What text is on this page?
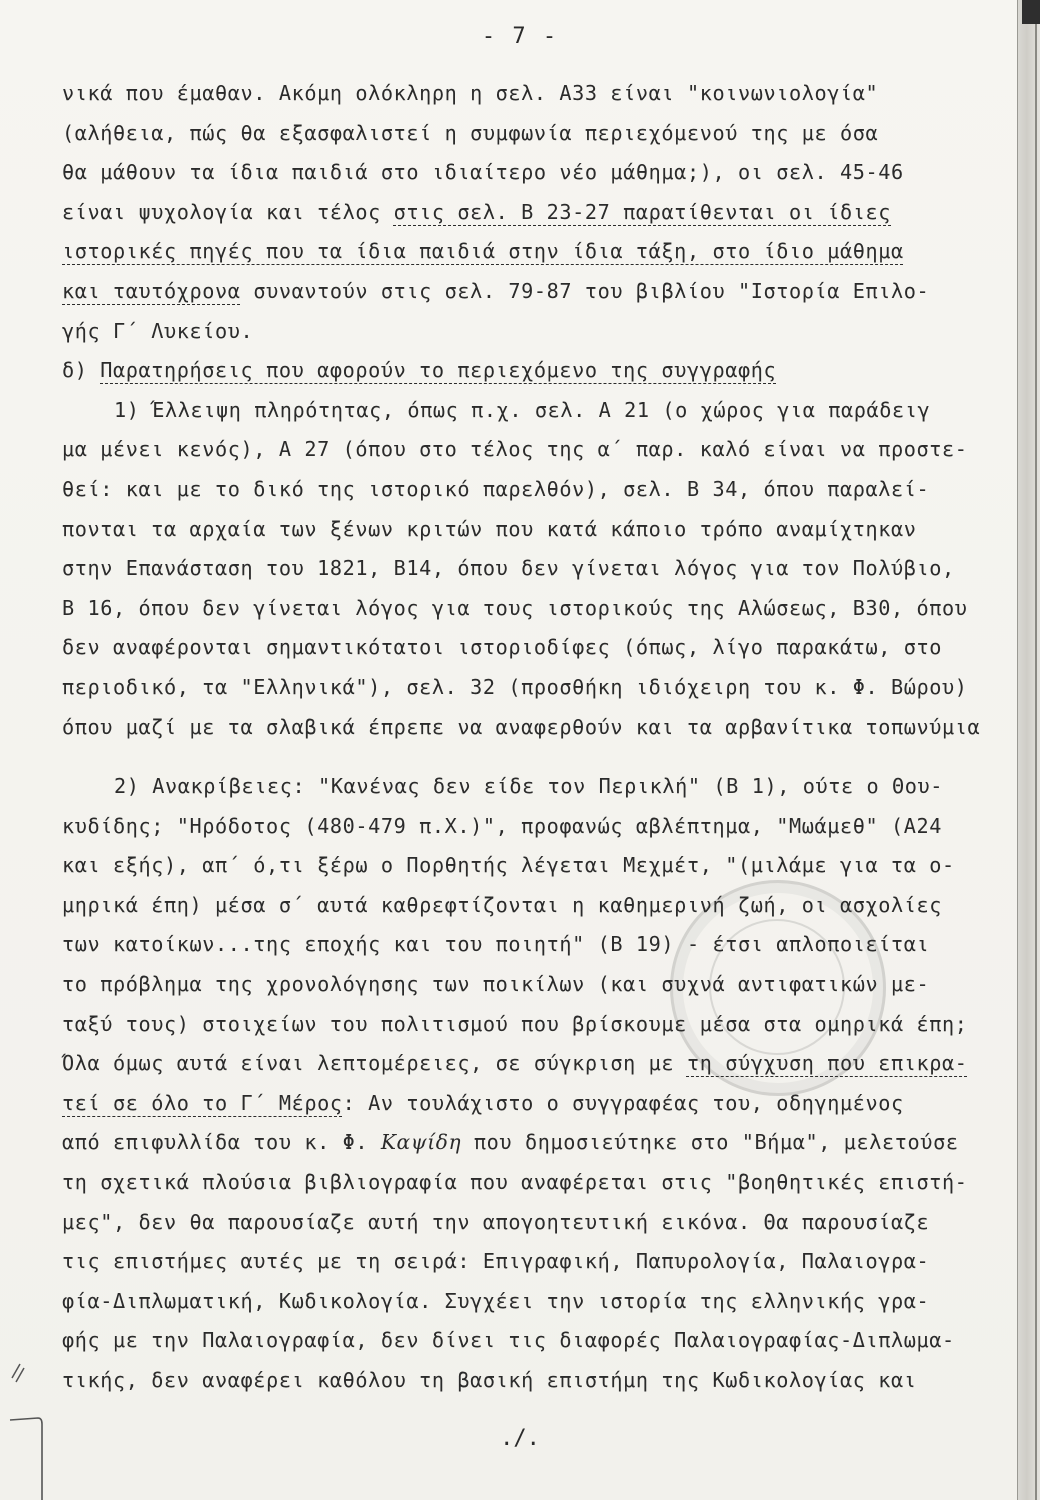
- 7 -
νικά που έμαθαν. Ακόμη ολόκληρη η σελ. Α33 είναι "κοινωνιολογία"
(αλήθεια, πώς θα εξασφαλιστεί η συμφωνία περιεχόμενού της με όσα
θα μάθουν τα ίδια παιδιά στο ιδιαίτερο νέο μάθημα;), οι σελ. 45-46
είναι ψυχολογία και τέλος στις σελ. Β 23-27 παρατίθενται οι ίδιες
ιστορικές πηγές που τα ίδια παιδιά στην ίδια τάξη, στο ίδιο μάθημα
και ταυτόχρονα συναντούν στις σελ. 79-87 του βιβλίου "Ιστορία Επιλο-
γής Γ΄ Λυκείου.
δ) Παρατηρήσεις που αφορούν το περιεχόμενο της συγγραφής
1) Έλλειψη πληρότητας, όπως π.χ. σελ. Α 21 (ο χώρος για παράδειγ
μα μένει κενός), Α 27 (όπου στο τέλος της α΄ παρ. καλό είναι να προστε-
θεί: και με το δικό της ιστορικό παρελθόν), σελ. Β 34, όπου παραλεί-
πονται τα αρχαία των ξένων κριτών που κατά κάποιο τρόπο αναμίχτηκαν
στην Επανάσταση του 1821, Β14, όπου δεν γίνεται λόγος για τον Πολύβιο,
Β 16, όπου δεν γίνεται λόγος για τους ιστορικούς της Αλώσεως, Β30, όπου
δεν αναφέρονται σημαντικότατοι ιστοριοδίφες (όπως, λίγο παρακάτω, στο
περιοδικό, τα "Ελληνικά"), σελ. 32 (προσθήκη ιδιόχειρη του κ. Φ. Βώρου)
όπου μαζί με τα σλαβικά έπρεπε να αναφερθούν και τα αρβανίτικα τοπωνύμια
2) Ανακρίβειες: "Κανένας δεν είδε τον Περικλή" (Β 1), ούτε ο Θου-
κυδίδης; "Ηρόδοτος (480-479 π.Χ.)", προφανώς αβλέπτημα, "Μωάμεθ" (Α24
και εξής), απ΄ ό,τι ξέρω ο Πορθητής λέγεται Μεχμέτ, "(μιλάμε για τα ο-
μηρικά έπη) μέσα σ΄ αυτά καθρεφτίζονται η καθημερινή ζωή, οι ασχολίες
των κατοίκων...της εποχής και του ποιητή" (Β 19) - έτσι απλοποιείται
το πρόβλημα της χρονολόγησης των ποικίλων (και συχνά αντιφατικών με-
ταξύ τους) στοιχείων του πολιτισμού που βρίσκουμε μέσα στα ομηρικά έπη;
Όλα όμως αυτά είναι λεπτομέρειες, σε σύγκριση με τη σύγχυση που επικρα-
τεί σε όλο το Γ΄ Μέρος: Αν τουλάχιστο ο συγγραφέας του, οδηγημένος
από επιφυλλίδα του κ. Φ. Καψίδη που δημοσιεύτηκε στο "Βήμα", μελετούσε
τη σχετικά πλούσια βιβλιογραφία που αναφέρεται στις "βοηθητικές επιστή-
μες", δεν θα παρουσίαζε αυτή την απογοητευτική εικόνα. Θα παρουσίαζε
τις επιστήμες αυτές με τη σειρά: Επιγραφική, Παπυρολογία, Παλαιογρα-
φία-Διπλωματική, Κωδικολογία. Συγχέει την ιστορία της ελληνικής γρα-
φής με την Παλαιογραφία, δεν δίνει τις διαφορές Παλαιογραφίας-Διπλωμα-
τικής, δεν αναφέρει καθόλου τη βασική επιστήμη της Κωδικολογίας και
./.
